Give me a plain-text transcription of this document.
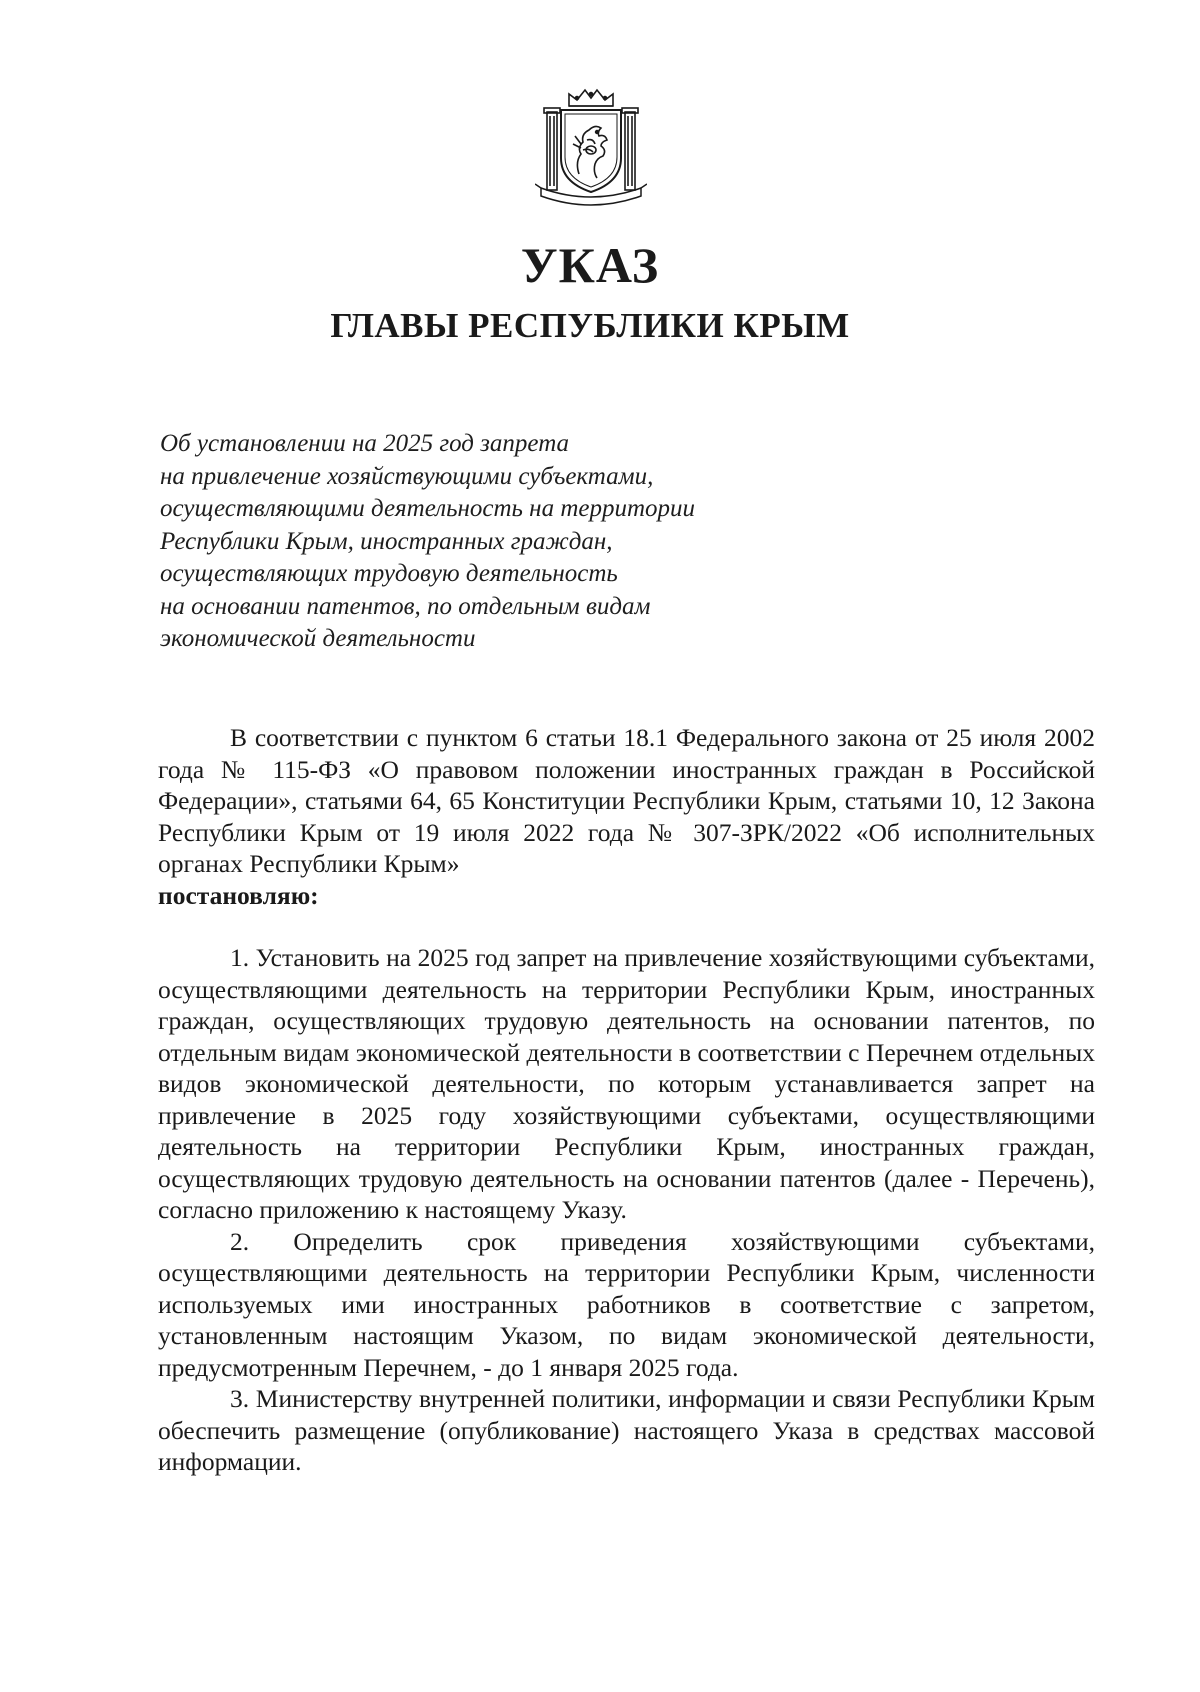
УКАЗ
ГЛАВЫ РЕСПУБЛИКИ КРЫМ
Об установлении на 2025 год запрета
на привлечение хозяйствующими субъектами,
осуществляющими деятельность на территории
Республики Крым, иностранных граждан,
осуществляющих трудовую деятельность
на основании патентов, по отдельным видам
экономической деятельности

В соответствии с пунктом 6 статьи 18.1 Федерального закона от 25 июля 2002 года № 115-ФЗ «О правовом положении иностранных граждан в Российской Федерации», статьями 64, 65 Конституции Республики Крым, статьями 10, 12 Закона Республики Крым от 19 июля 2022 года № 307-ЗРК/2022 «Об исполнительных органах Республики Крым»
постановляю:

1. Установить на 2025 год запрет на привлечение хозяйствующими субъектами, осуществляющими деятельность на территории Республики Крым, иностранных граждан, осуществляющих трудовую деятельность на основании патентов, по отдельным видам экономической деятельности в соответствии с Перечнем отдельных видов экономической деятельности, по которым устанавливается запрет на привлечение в 2025 году хозяйствующими субъектами, осуществляющими деятельность на территории Республики Крым, иностранных граждан, осуществляющих трудовую деятельность на основании патентов (далее - Перечень), согласно приложению к настоящему Указу.

2. Определить срок приведения хозяйствующими субъектами, осуществляющими деятельность на территории Республики Крым, численности используемых ими иностранных работников в соответствие с запретом, установленным настоящим Указом, по видам экономической деятельности, предусмотренным Перечнем, - до 1 января 2025 года.

3. Министерству внутренней политики, информации и связи Республики Крым обеспечить размещение (опубликование) настоящего Указа в средствах массовой информации.
